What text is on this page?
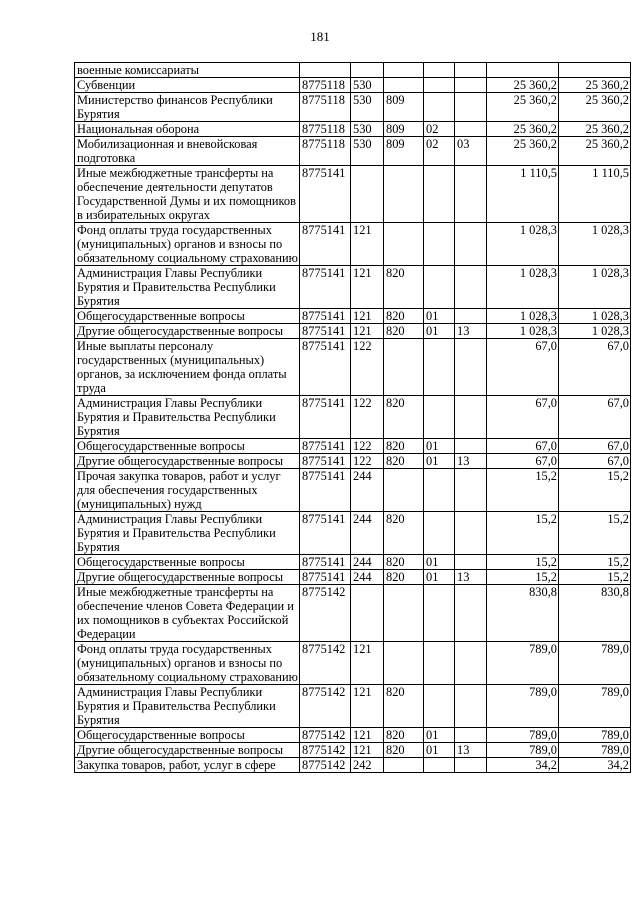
181
военные комиссариаты							
Субвенции	8775118	530				25 360,2	25 360,2
Министерство финансов Республики Бурятия	8775118	530	809			25 360,2	25 360,2
Национальная оборона	8775118	530	809	02		25 360,2	25 360,2
Мобилизационная и вневойсковая подготовка	8775118	530	809	02	03	25 360,2	25 360,2
Иные межбюджетные трансферты на обеспечение деятельности депутатов Государственной Думы и их помощников в избирательных округах	8775141					1 110,5	1 110,5
Фонд оплаты труда государственных (муниципальных) органов и взносы по обязательному социальному страхованию	8775141	121				1 028,3	1 028,3
Администрация Главы Республики Бурятия и Правительства Республики Бурятия	8775141	121	820			1 028,3	1 028,3
Общегосударственные вопросы	8775141	121	820	01		1 028,3	1 028,3
Другие общегосударственные вопросы	8775141	121	820	01	13	1 028,3	1 028,3
Иные выплаты персоналу государственных (муниципальных) органов, за исключением фонда оплаты труда	8775141	122				67,0	67,0
Администрация Главы Республики Бурятия и Правительства Республики Бурятия	8775141	122	820			67,0	67,0
Общегосударственные вопросы	8775141	122	820	01		67,0	67,0
Другие общегосударственные вопросы	8775141	122	820	01	13	67,0	67,0
Прочая закупка товаров, работ и услуг для обеспечения государственных (муниципальных) нужд	8775141	244				15,2	15,2
Администрация Главы Республики Бурятия и Правительства Республики Бурятия	8775141	244	820			15,2	15,2
Общегосударственные вопросы	8775141	244	820	01		15,2	15,2
Другие общегосударственные вопросы	8775141	244	820	01	13	15,2	15,2
Иные межбюджетные трансферты на обеспечение членов Совета Федерации и их помощников в субъектах Российской Федерации	8775142					830,8	830,8
Фонд оплаты труда государственных (муниципальных) органов и взносы по обязательному социальному страхованию	8775142	121				789,0	789,0
Администрация Главы Республики Бурятия и Правительства Республики Бурятия	8775142	121	820			789,0	789,0
Общегосударственные вопросы	8775142	121	820	01		789,0	789,0
Другие общегосударственные вопросы	8775142	121	820	01	13	789,0	789,0
Закупка товаров, работ, услуг в сфере	8775142	242				34,2	34,2
